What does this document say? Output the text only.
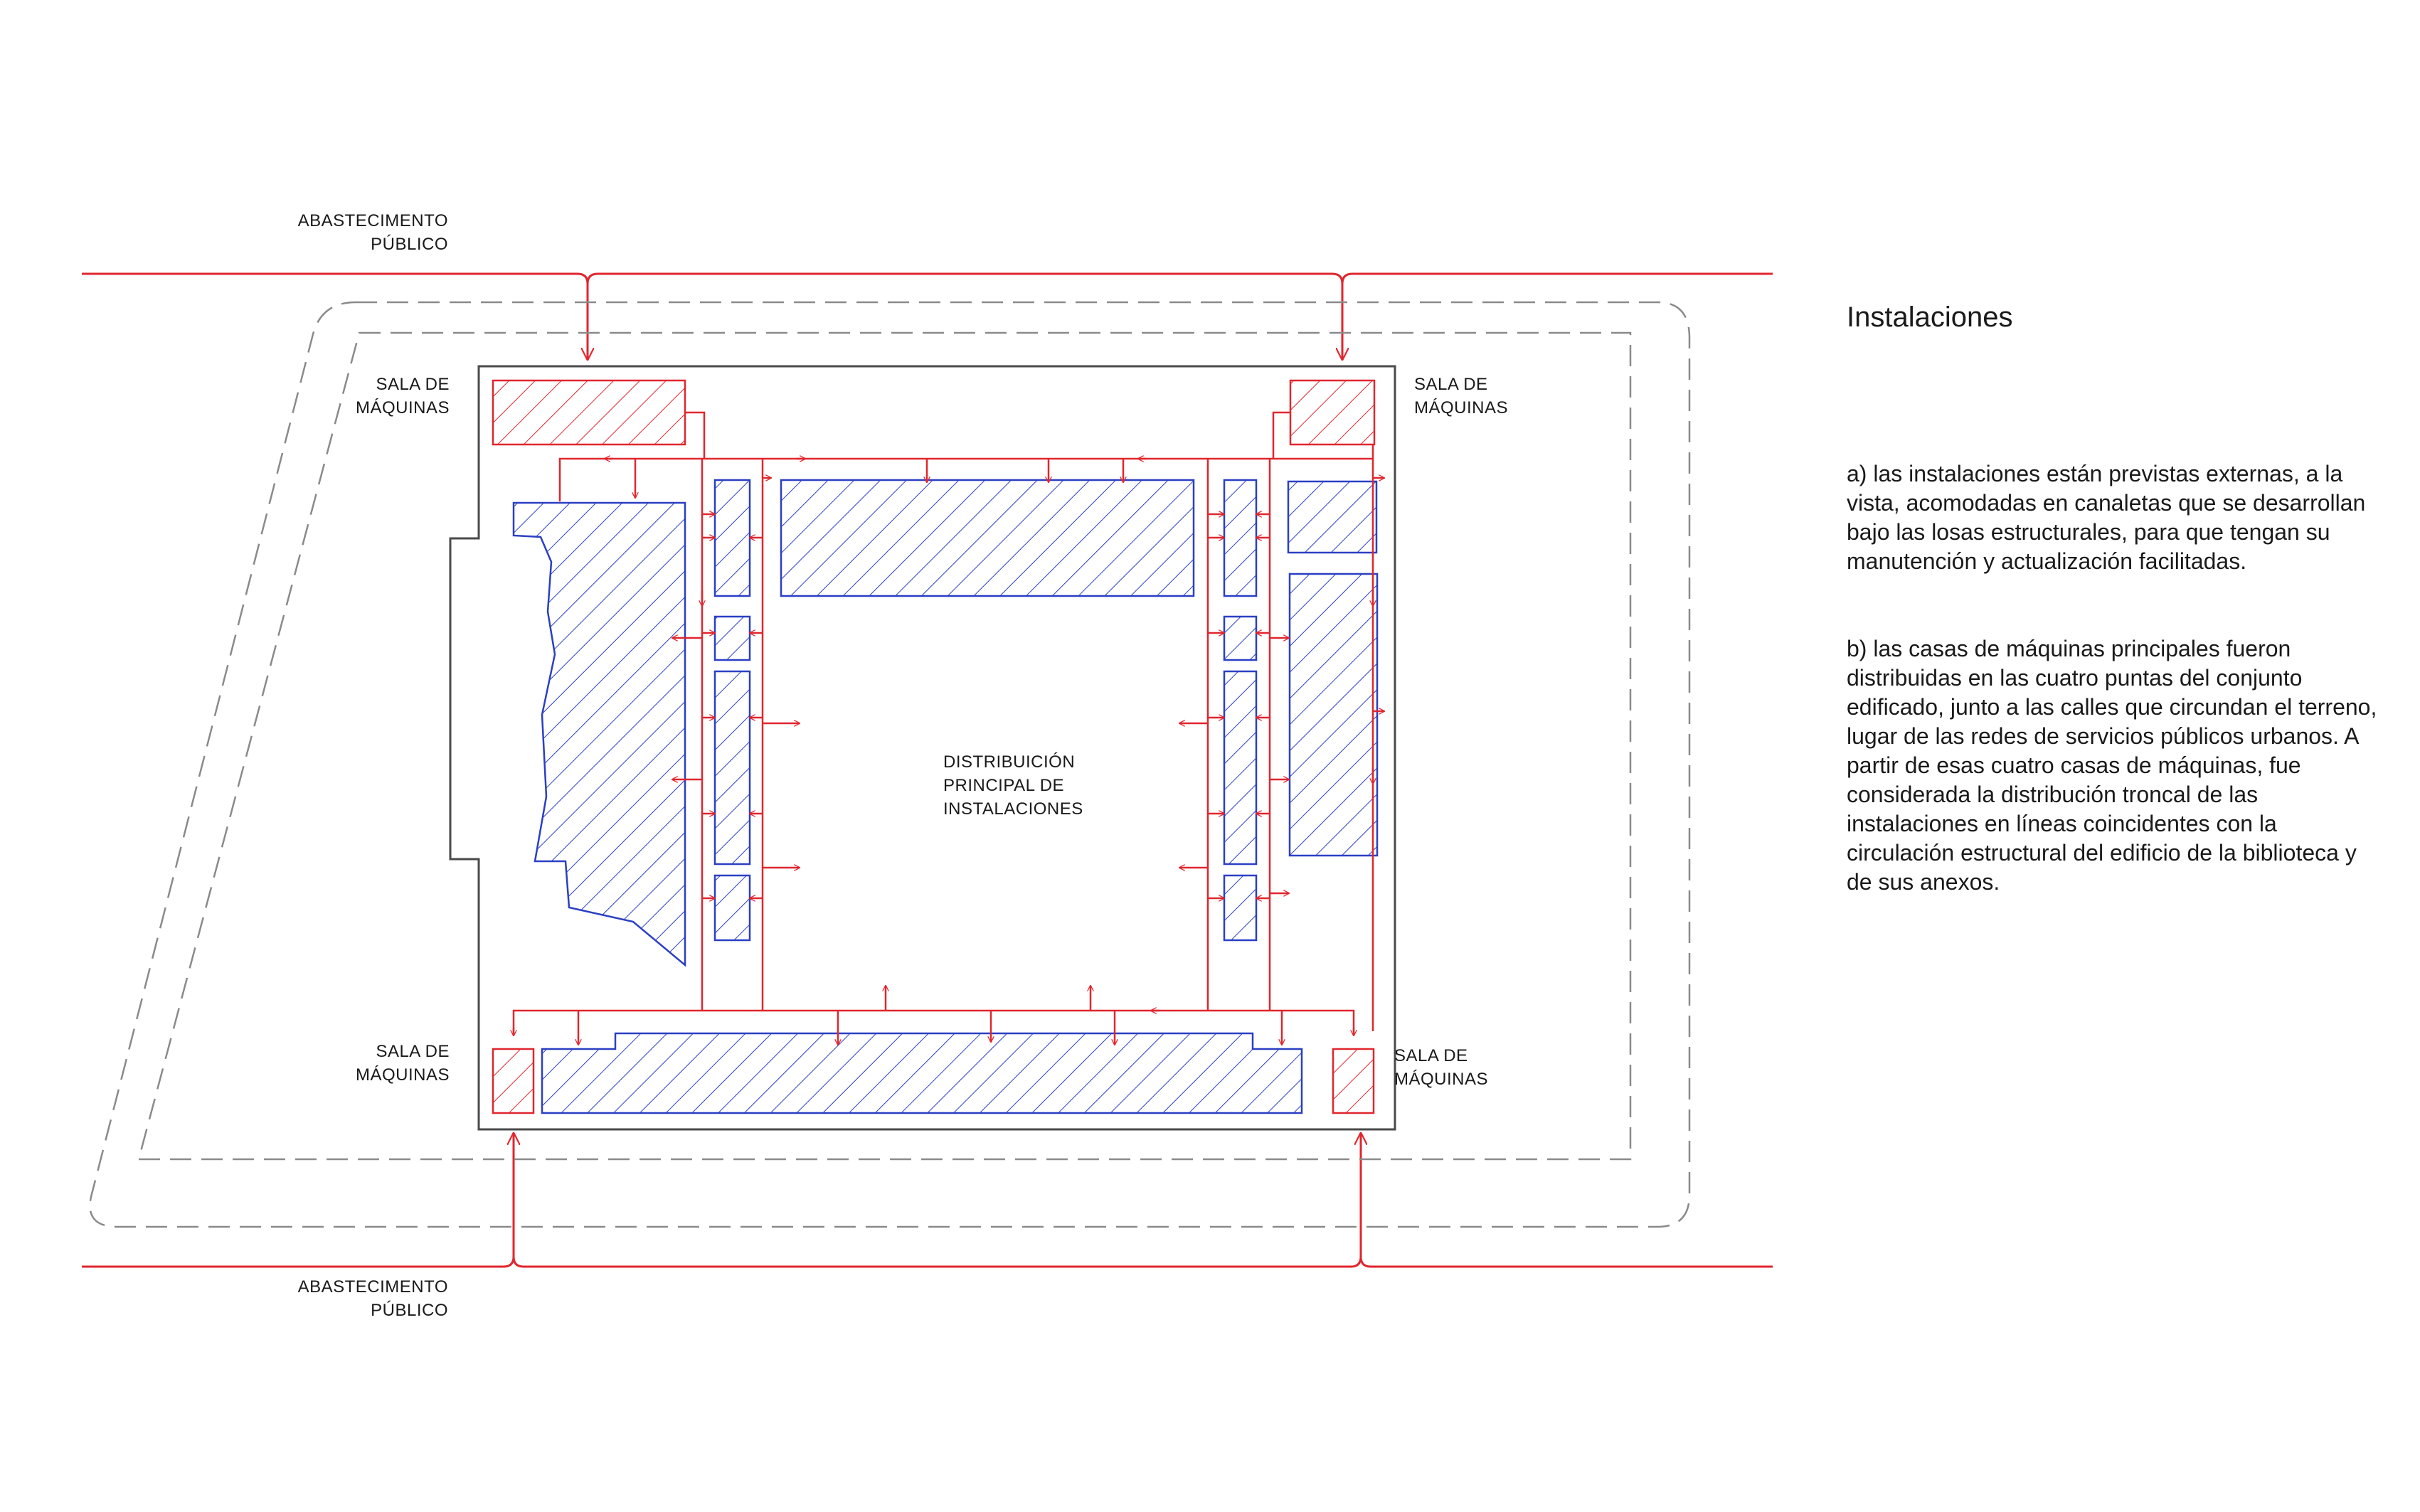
ABASTECIMENTO
PÚBLICO
ABASTECIMENTO
PÚBLICO
SALA DE
MÁQUINAS
SALA DE
MÁQUINAS
SALA DE
MÁQUINAS
SALA DE
MÁQUINAS
DISTRIBUICIÓN
PRINCIPAL DE
INSTALACIONES
Instalaciones

a) las instalaciones están previstas externas, a la vista, acomodadas en canaletas que se desarrollan bajo las losas estructurales, para que tengan su manutención y actualización facilitadas.

b) las casas de máquinas principales fueron distribuidas en las cuatro puntas del conjunto edificado, junto a las calles que circundan el terreno, lugar de las redes de servicios públicos urbanos. A partir de esas cuatro casas de máquinas, fue considerada la distribución troncal de las instalaciones en líneas coincidentes con la circulación estructural del edificio de la biblioteca y de sus anexos.
